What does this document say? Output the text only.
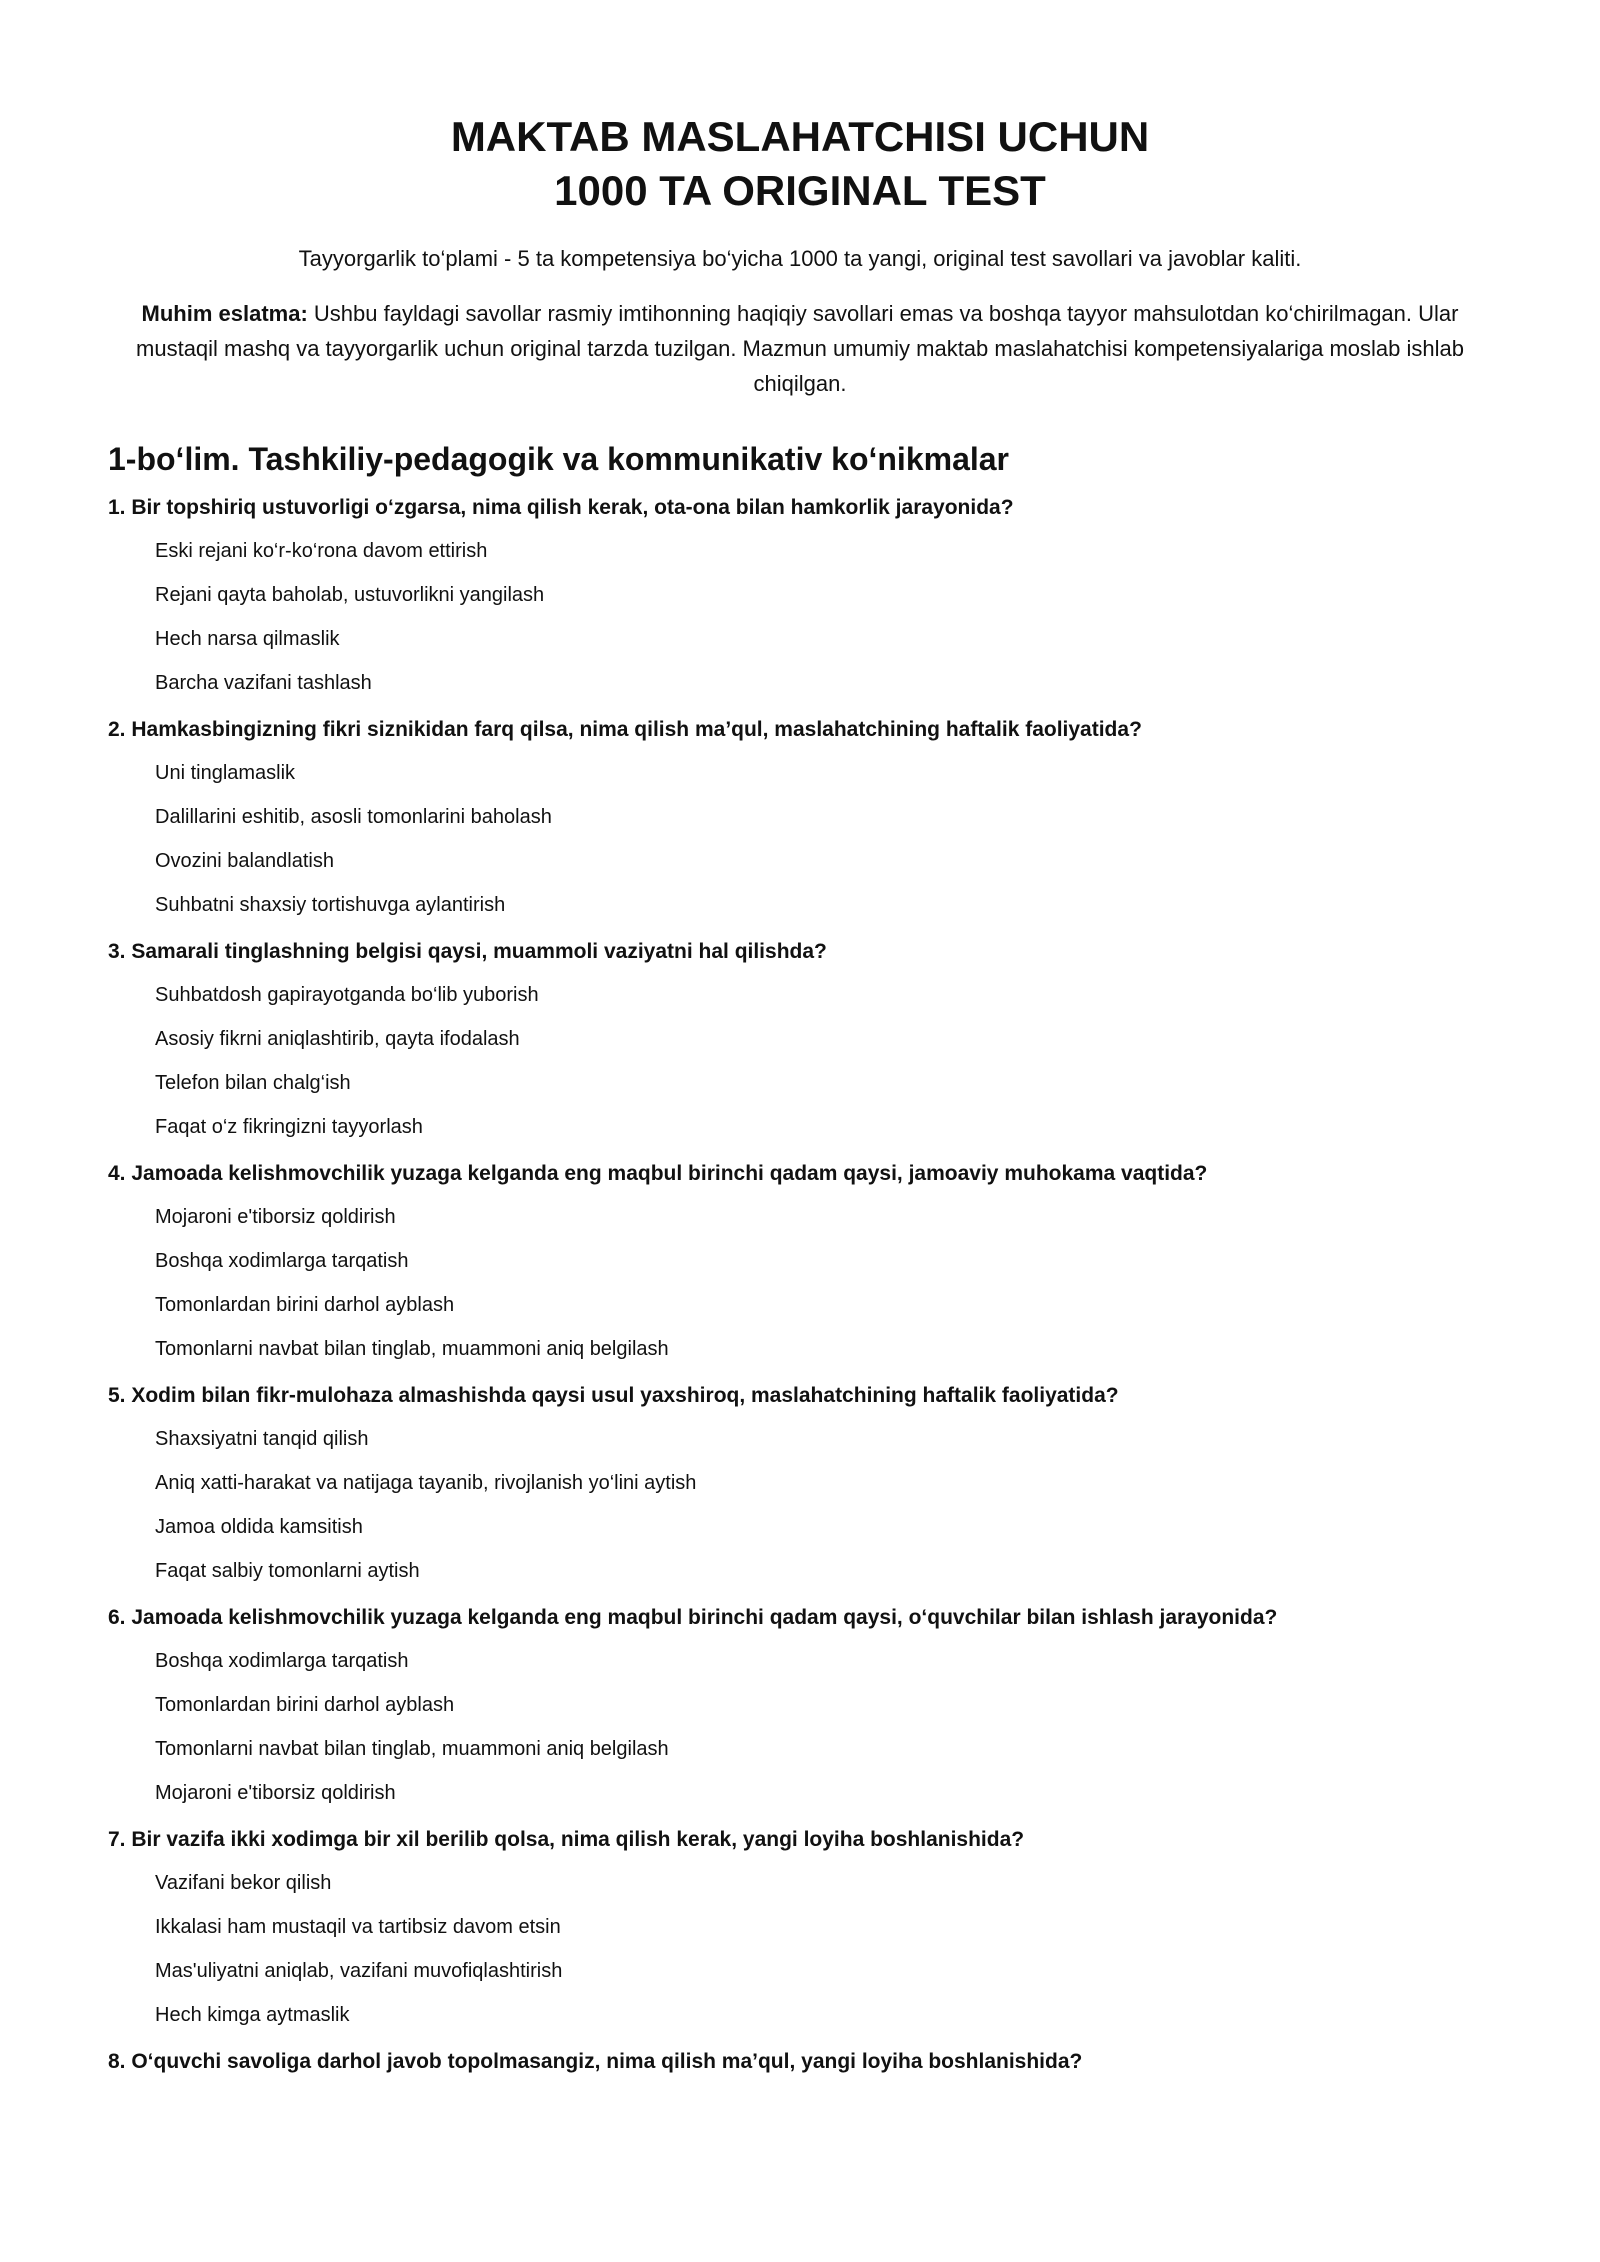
MAKTAB MASLAHATCHISI UCHUN
1000 TA ORIGINAL TEST

Tayyorgarlik to‘plami - 5 ta kompetensiya bo‘yicha 1000 ta yangi, original test savollari va javoblar kaliti.

Muhim eslatma: Ushbu fayldagi savollar rasmiy imtihonning haqiqiy savollari emas va boshqa tayyor mahsulotdan ko‘chirilmagan. Ular mustaqil mashq va tayyorgarlik uchun original tarzda tuzilgan. Mazmun umumiy maktab maslahatchisi kompetensiyalariga moslab ishlab chiqilgan.

1-bo‘lim. Tashkiliy-pedagogik va kommunikativ ko‘nikmalar

1. Bir topshiriq ustuvorligi o‘zgarsa, nima qilish kerak, ota-ona bilan hamkorlik jarayonida?

Eski rejani ko‘r-ko‘rona davom ettirish
Rejani qayta baholab, ustuvorlikni yangilash
Hech narsa qilmaslik
Barcha vazifani tashlash

2. Hamkasbingizning fikri siznikidan farq qilsa, nima qilish ma’qul, maslahatchining haftalik faoliyatida?

Uni tinglamaslik
Dalillarini eshitib, asosli tomonlarini baholash
Ovozini balandlatish
Suhbatni shaxsiy tortishuvga aylantirish

3. Samarali tinglashning belgisi qaysi, muammoli vaziyatni hal qilishda?

Suhbatdosh gapirayotganda bo‘lib yuborish
Asosiy fikrni aniqlashtirib, qayta ifodalash
Telefon bilan chalg‘ish
Faqat o‘z fikringizni tayyorlash

4. Jamoada kelishmovchilik yuzaga kelganda eng maqbul birinchi qadam qaysi, jamoaviy muhokama vaqtida?

Mojaroni e'tiborsiz qoldirish
Boshqa xodimlarga tarqatish
Tomonlardan birini darhol ayblash
Tomonlarni navbat bilan tinglab, muammoni aniq belgilash

5. Xodim bilan fikr-mulohaza almashishda qaysi usul yaxshiroq, maslahatchining haftalik faoliyatida?

Shaxsiyatni tanqid qilish
Aniq xatti-harakat va natijaga tayanib, rivojlanish yo‘lini aytish
Jamoa oldida kamsitish
Faqat salbiy tomonlarni aytish

6. Jamoada kelishmovchilik yuzaga kelganda eng maqbul birinchi qadam qaysi, o‘quvchilar bilan ishlash jarayonida?

Boshqa xodimlarga tarqatish
Tomonlardan birini darhol ayblash
Tomonlarni navbat bilan tinglab, muammoni aniq belgilash
Mojaroni e'tiborsiz qoldirish

7. Bir vazifa ikki xodimga bir xil berilib qolsa, nima qilish kerak, yangi loyiha boshlanishida?

Vazifani bekor qilish
Ikkalasi ham mustaqil va tartibsiz davom etsin
Mas'uliyatni aniqlab, vazifani muvofiqlashtirish
Hech kimga aytmaslik

8. O‘quvchi savoliga darhol javob topolmasangiz, nima qilish ma’qul, yangi loyiha boshlanishida?
